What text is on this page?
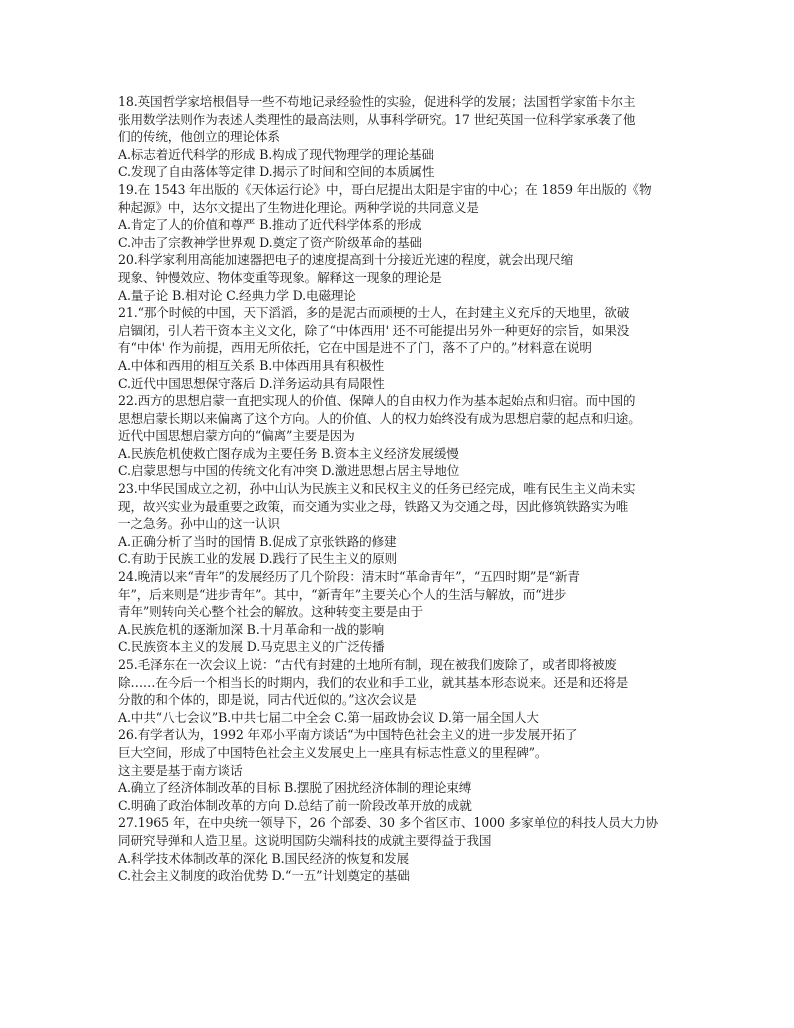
18.英国哲学家培根倡导一些不苟地记录经验性的实验，促进科学的发展；法国哲学家笛卡尔主
张用数学法则作为表述人类理性的最高法则，从事科学研究。17 世纪英国一位科学家承袭了他
们的传统，他创立的理论体系
A.标志着近代科学的形成 B.构成了现代物理学的理论基础
C.发现了自由落体等定律 D.揭示了时间和空间的本质属性
19.在 1543 年出版的《天体运行论》中，哥白尼提出太阳是宇宙的中心；在 1859 年出版的《物
种起源》中，达尔文提出了生物进化理论。两种学说的共同意义是
A.肯定了人的价值和尊严 B.推动了近代科学体系的形成
C.冲击了宗教神学世界观 D.奠定了资产阶级革命的基础
20.科学家利用高能加速器把电子的速度提高到十分接近光速的程度，就会出现尺缩
现象、钟慢效应、物体变重等现象。解释这一现象的理论是
A.量子论 B.相对论 C.经典力学 D.电磁理论
21.“那个时候的中国，天下滔滔，多的是泥古而顽梗的士人，在封建主义充斥的天地里，欲破
启锢闭，引人若干资本主义文化，除了“中体西用' 还不可能提出另外一种更好的宗旨，如果没
有“中体' 作为前提，西用无所依托，它在中国是进不了门，落不了户的。”材料意在说明
A.中体和西用的相互关系 B.中体西用具有积极性
C.近代中国思想保守落后 D.洋务运动具有局限性
22.西方的思想启蒙一直把实现人的价值、保障人的自由权力作为基本起始点和归宿。而中国的
思想启蒙长期以来偏离了这个方向。人的价值、人的权力始终没有成为思想启蒙的起点和归途。
近代中国思想启蒙方向的“偏离”主要是因为
A.民族危机使救亡图存成为主要任务 B.资本主义经济发展缓慢
C.启蒙思想与中国的传统文化有冲突 D.激进思想占居主导地位
23.中华民国成立之初，孙中山认为民族主义和民权主义的任务已经完成，唯有民生主义尚未实
现，故兴实业为最重要之政策，而交通为实业之母，铁路又为交通之母，因此修筑铁路实为唯
一之急务。孙中山的这一认识
A.正确分析了当时的国情 B.促成了京张铁路的修建
C.有助于民族工业的发展 D.践行了民生主义的原则
24.晚清以来“青年”的发展经历了几个阶段：清末时“革命青年”，“五四时期”是“新青
年”，后来则是“进步青年”。其中，“新青年”主要关心个人的生活与解放，而“进步
青年”则转向关心整个社会的解放。这种转变主要是由于
A.民族危机的逐渐加深 B.十月革命和一战的影响
C.民族资本主义的发展 D.马克思主义的广泛传播
25.毛泽东在一次会议上说：“古代有封建的土地所有制，现在被我们废除了，或者即将被废
除……在今后一个相当长的时期内，我们的农业和手工业，就其基本形态说来。还是和还将是
分散的和个体的，即是说，同古代近似的。”这次会议是
A.中共“八七会议”B.中共七届二中全会 C.第一届政协会议 D.第一届全国人大
26.有学者认为，1992 年邓小平南方谈话“为中国特色社会主义的进一步发展开拓了
巨大空间，形成了中国特色社会主义发展史上一座具有标志性意义的里程碑”。
这主要是基于南方谈话
A.确立了经济体制改革的目标 B.摆脱了困扰经济体制的理论束缚
C.明确了政治体制改革的方向 D.总结了前一阶段改革开放的成就
27.1965 年，在中央统一领导下，26 个部委、30 多个省区市、1000 多家单位的科技人员大力协
同研究导弹和人造卫星。这说明国防尖端科技的成就主要得益于我国
A.科学技术体制改革的深化 B.国民经济的恢复和发展
C.社会主义制度的政治优势 D.“一五”计划奠定的基础
